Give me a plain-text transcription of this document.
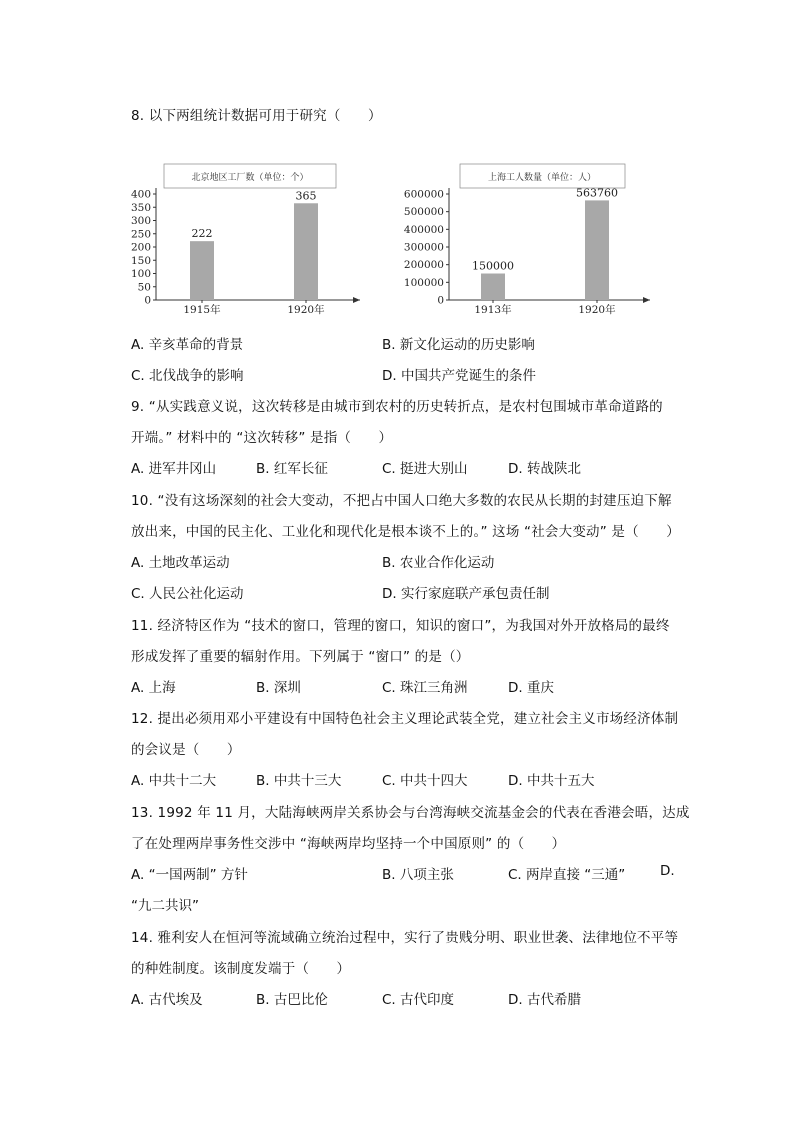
8. 以下两组统计数据可用于研究（　　）
北京地区工厂数（单位：个）
0
50
100
150
200
250
300
350
400
222
1915年
365
1920年
上海工人数量（单位：人）
0
100000
200000
300000
400000
500000
600000
150000
1913年
563760
1920年
A. 辛亥革命的背景	B. 新文化运动的历史影响
C. 北伐战争的影响	D. 中国共产党诞生的条件
9. “从实践意义说，这次转移是由城市到农村的历史转折点，是农村包围城市革命道路的
开端。” 材料中的 “这次转移” 是指（　　）
A. 进军井冈山	B. 红军长征	C. 挺进大别山	D. 转战陕北
10. “没有这场深刻的社会大变动，不把占中国人口绝大多数的农民从长期的封建压迫下解
放出来，中国的民主化、工业化和现代化是根本谈不上的。” 这场 “社会大变动” 是（　　）
A. 土地改革运动	B. 农业合作化运动
C. 人民公社化运动	D. 实行家庭联产承包责任制
11. 经济特区作为 “技术的窗口，管理的窗口，知识的窗口”，为我国对外开放格局的最终
形成发挥了重要的辐射作用。下列属于 “窗口” 的是（）
A. 上海	B. 深圳	C. 珠江三角洲	D. 重庆
12. 提出必须用邓小平建设有中国特色社会主义理论武装全党，建立社会主义市场经济体制
的会议是（　　）
A. 中共十二大	B. 中共十三大	C. 中共十四大	D. 中共十五大
13. 1992 年 11 月，大陆海峡两岸关系协会与台湾海峡交流基金会的代表在香港会晤，达成
了在处理两岸事务性交涉中 “海峡两岸均坚持一个中国原则” 的（　　）
A. “一国两制” 方针	B. 八项主张	C. 两岸直接 “三通”	D.
“九二共识”
14. 雅利安人在恒河等流域确立统治过程中，实行了贵贱分明、职业世袭、法律地位不平等
的种姓制度。该制度发端于（　　）
A. 古代埃及	B. 古巴比伦	C. 古代印度	D. 古代希腊
